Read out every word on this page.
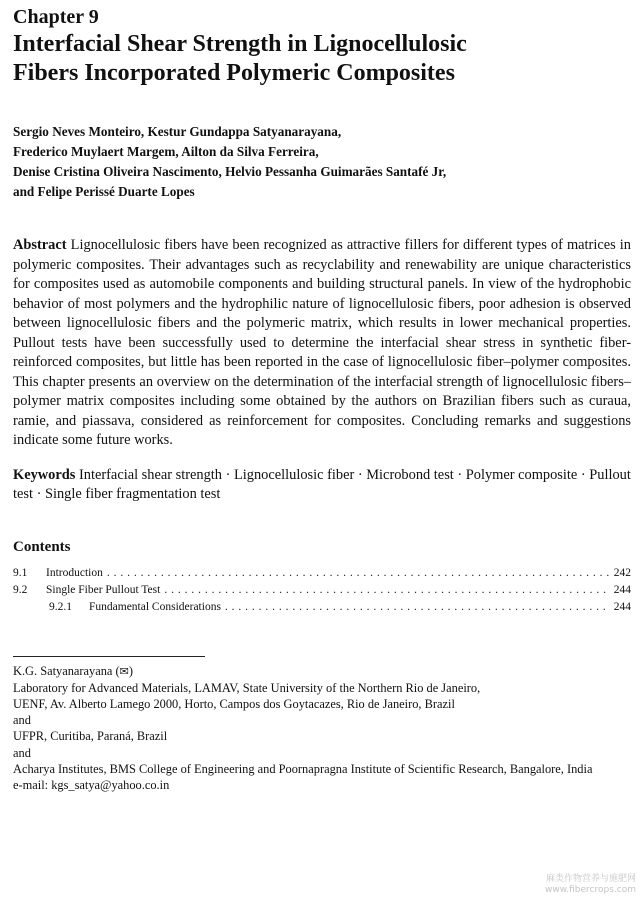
Chapter 9
Interfacial Shear Strength in Lignocellulosic
Fibers Incorporated Polymeric Composites
Sergio Neves Monteiro, Kestur Gundappa Satyanarayana,
Frederico Muylaert Margem, Ailton da Silva Ferreira,
Denise Cristina Oliveira Nascimento, Helvio Pessanha Guimarães Santafé Jr,
and Felipe Perissé Duarte Lopes
Abstract Lignocellulosic fibers have been recognized as attractive fillers for different types of matrices in polymeric composites. Their advantages such as recyclability and renewability are unique characteristics for composites used as automobile components and building structural panels. In view of the hydrophobic behavior of most polymers and the hydrophilic nature of lignocellulosic fibers, poor adhesion is observed between lignocellulosic fibers and the polymeric matrix, which results in lower mechanical properties. Pullout tests have been successfully used to determine the interfacial shear stress in synthetic fiber-reinforced composites, but little has been reported in the case of lignocellulosic fiber–polymer composites. This chapter presents an overview on the determination of the interfacial strength of lignocellulosic fibers–polymer matrix composites including some obtained by the authors on Brazilian fibers such as curaua, ramie, and piassava, considered as reinforcement for composites. Concluding remarks and suggestions indicate some future works.
Keywords Interfacial shear strength · Lignocellulosic fiber · Microbond test · Polymer composite · Pullout test · Single fiber fragmentation test
Contents
9.1	Introduction . . .	242
9.2	Single Fiber Pullout Test . . .	244
9.2.1	Fundamental Considerations . . .	244
K.G. Satyanarayana (✉)
Laboratory for Advanced Materials, LAMAV, State University of the Northern Rio de Janeiro,
UENF, Av. Alberto Lamego 2000, Horto, Campos dos Goytacazes, Rio de Janeiro, Brazil
and
UFPR, Curitiba, Paraná, Brazil
and
Acharya Institutes, BMS College of Engineering and Poornapragna Institute of Scientific Research, Bangalore, India
e-mail: kgs_satya@yahoo.co.in
麻类作物营养与施肥网
www.fibercrops.com
